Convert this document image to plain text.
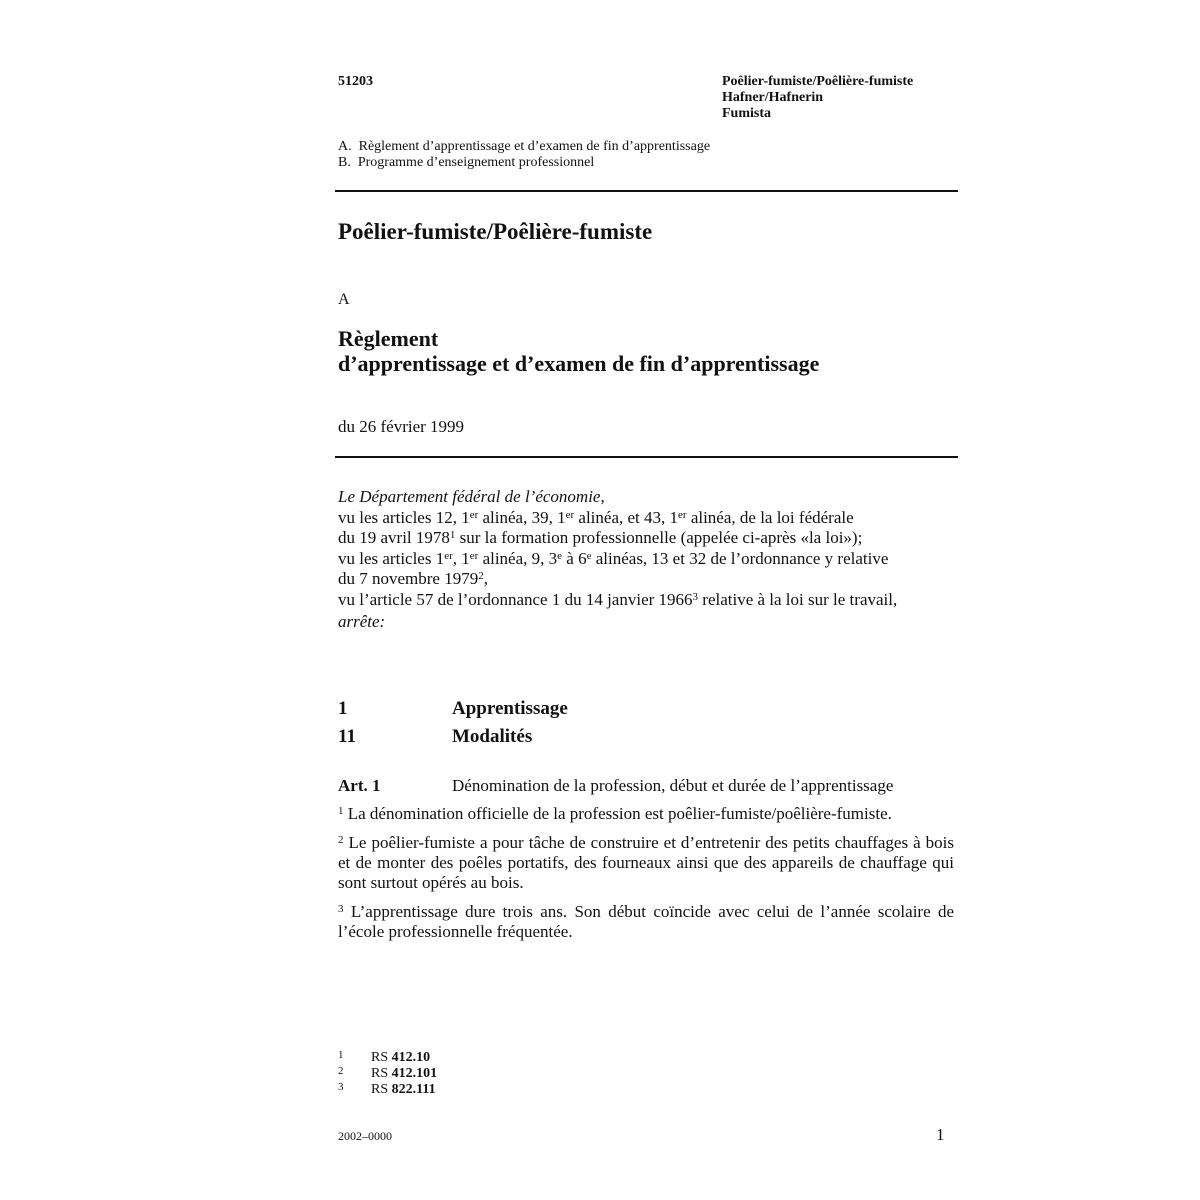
51203	Poêlier-fumiste/Poêlière-fumiste
Hafner/Hafnerin
Fumista
A.  Règlement d’apprentissage et d’examen de fin d’apprentissage
B.  Programme d’enseignement professionnel
Poêlier-fumiste/Poêlière-fumiste
A
Règlement
d’apprentissage et d’examen de fin d’apprentissage
du 26 février 1999
Le Département fédéral de l’économie,
vu les articles 12, 1er alinéa, 39, 1er alinéa, et 43, 1er alinéa, de la loi fédérale
du 19 avril 1978$^1$ sur la formation professionnelle (appelée ci-après «la loi»);
vu les articles 1er, 1er alinéa, 9, 3e à 6e alinéas, 13 et 32 de l’ordonnance y relative
du 7 novembre 1979$^2$,
vu l’article 57 de l’ordonnance 1 du 14 janvier 1966$^3$ relative à la loi sur le travail,
arrête:
1	Apprentissage
11	Modalités
Art. 1	Dénomination de la profession, début et durée de l’apprentissage
$^1$ La dénomination officielle de la profession est poêlier-fumiste/poêlière-fumiste.
$^2$ Le poêlier-fumiste a pour tâche de construire et d’entretenir des petits chauffages à bois et de monter des poêles portatifs, des fourneaux ainsi que des appareils de chauffage qui sont surtout opérés au bois.
$^3$ L’apprentissage dure trois ans. Son début coïncide avec celui de l’année scolaire de l’école professionnelle fréquentée.
1 RS 412.10
2 RS 412.101
3 RS 822.111
2002–0000	1
